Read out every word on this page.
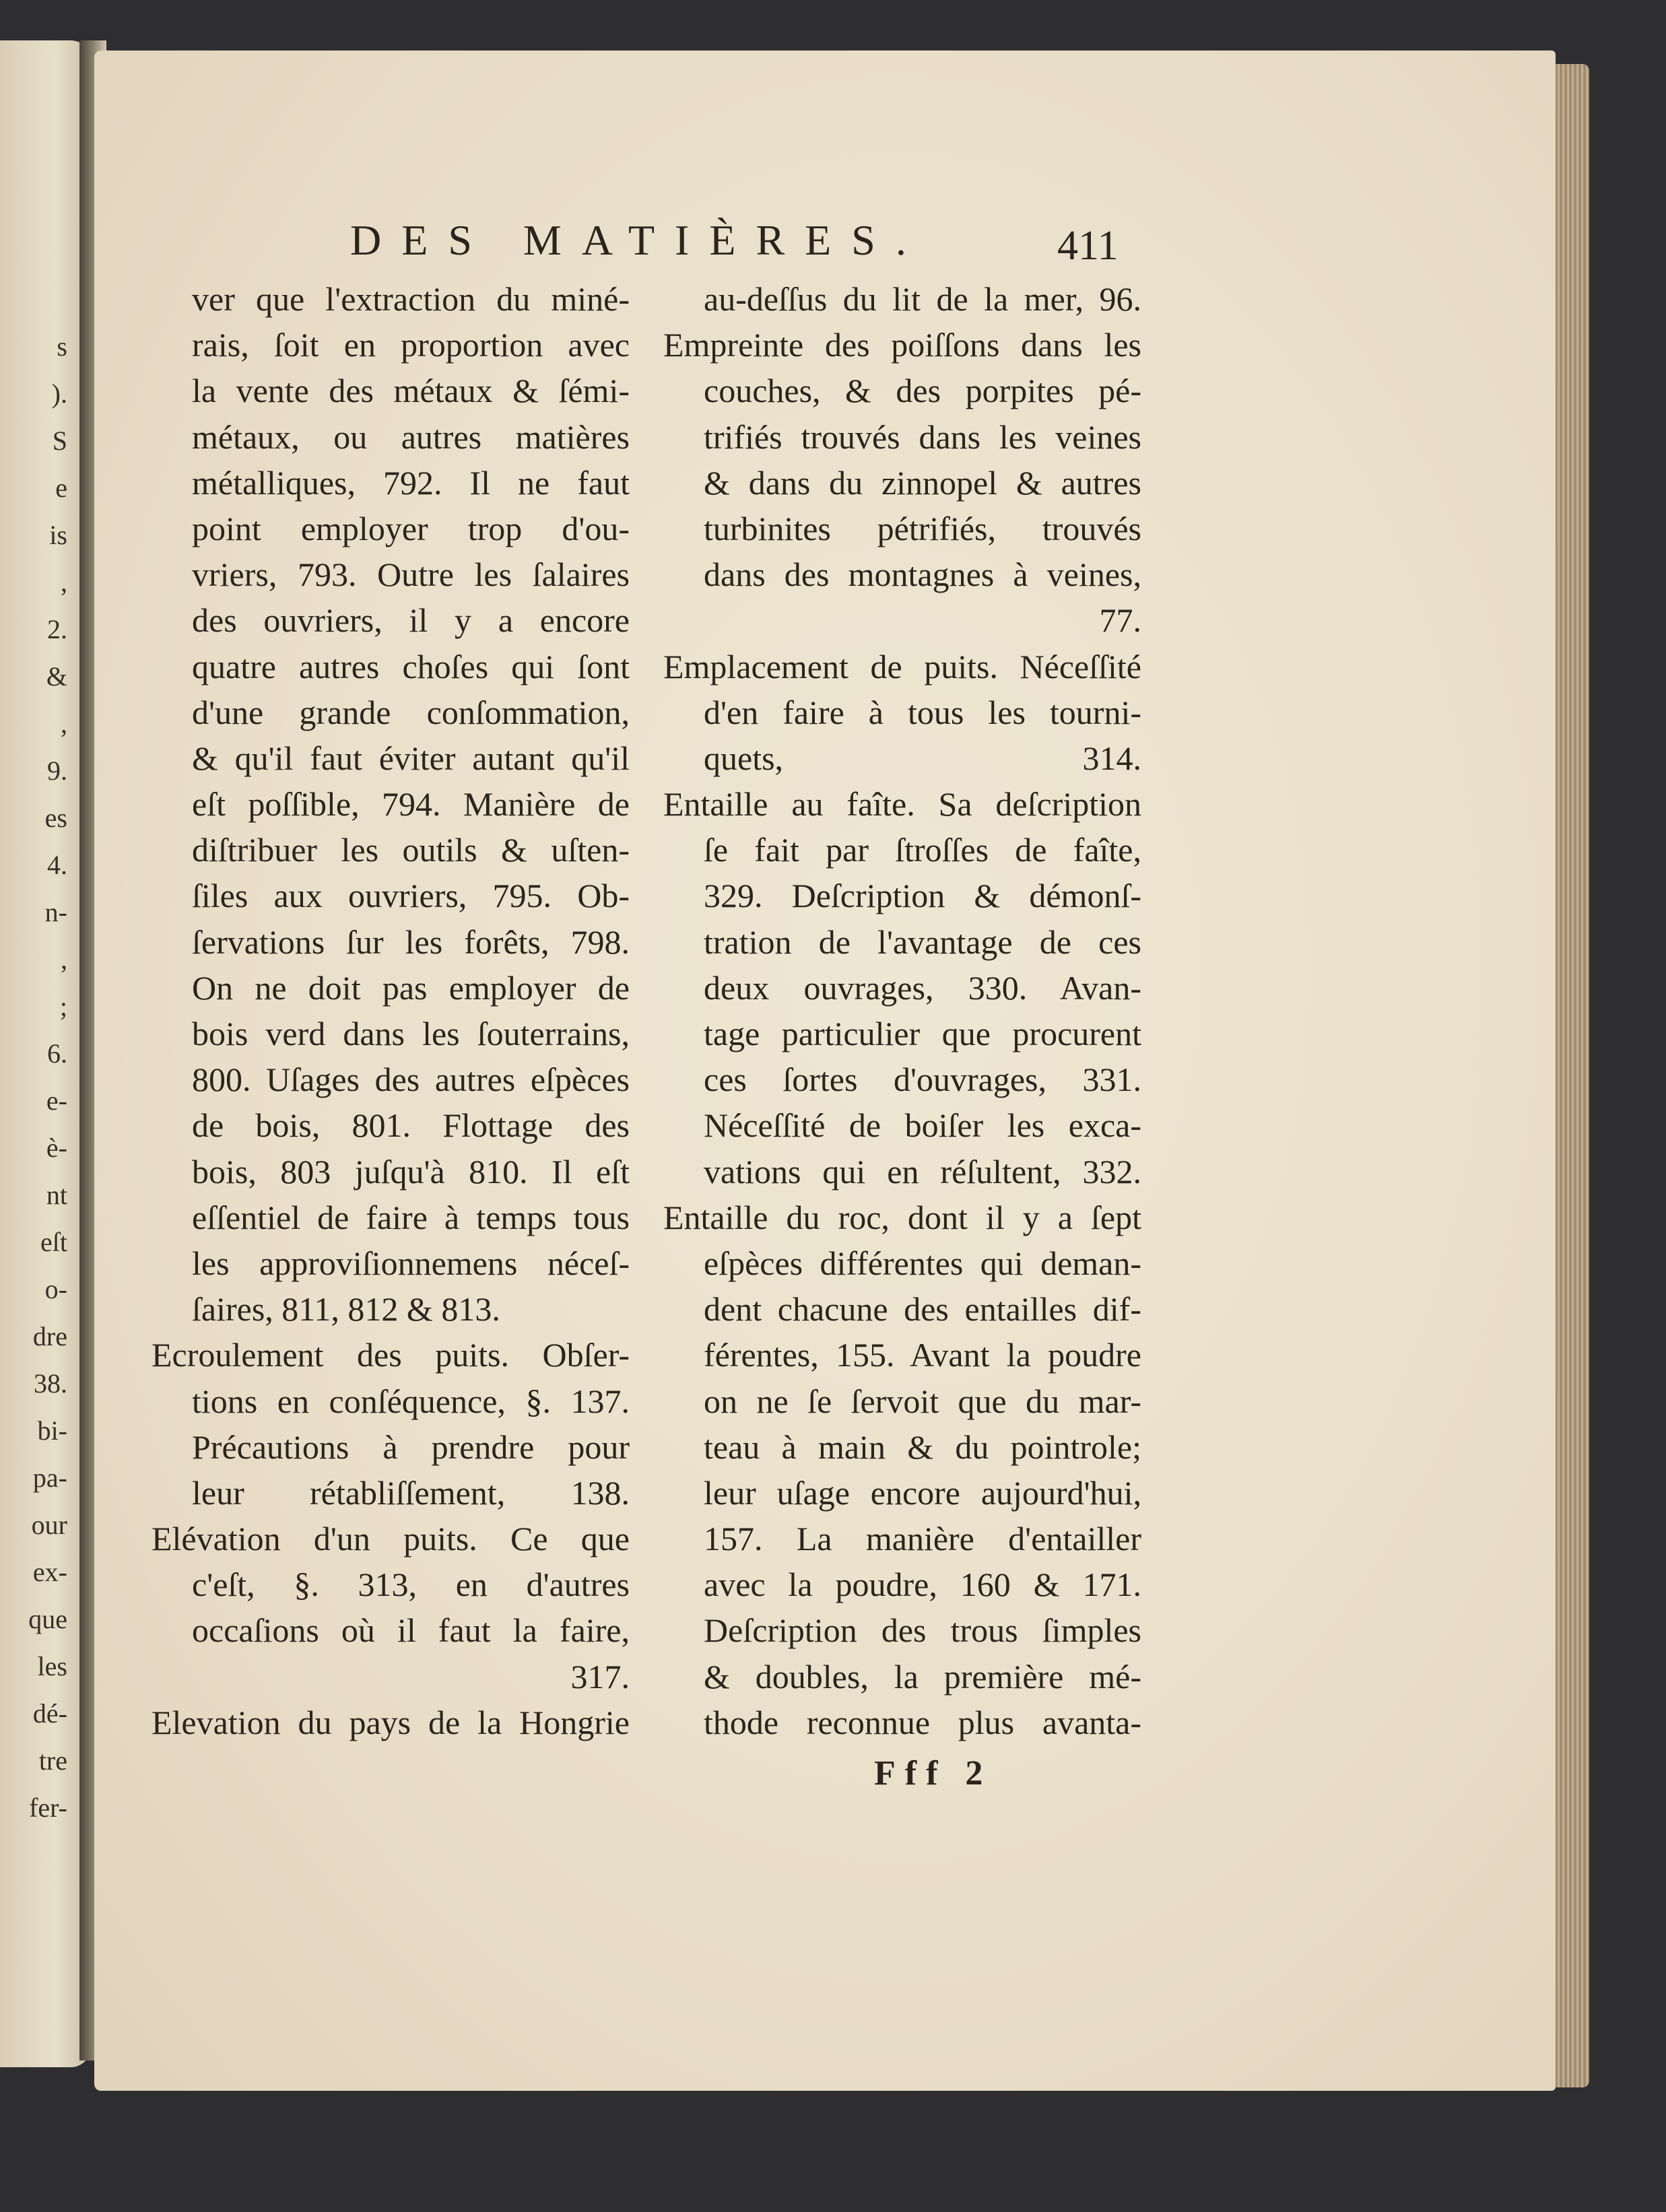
s
).
S
e
is
,
2.
&
,
9.
es
4.
n-
,
;
6.
e-
è-
nt
eſt
o-
dre
38.
bi-
pa-
our
ex-
que
les
dé-
tre
fer-
DES MATIÈRES.	411
ver que l'extraction du miné-
rais, ſoit en proportion avec
la vente des métaux & ſémi-
métaux, ou autres matières
métalliques, 792. Il ne faut
point employer trop d'ou-
vriers, 793. Outre les ſalaires
des ouvriers, il y a encore
quatre autres choſes qui ſont
d'une grande conſommation,
& qu'il faut éviter autant qu'il
eſt poſſible, 794. Manière de
diſtribuer les outils & uſten-
ſiles aux ouvriers, 795. Ob-
ſervations ſur les forêts, 798.
On ne doit pas employer de
bois verd dans les ſouterrains,
800. Uſages des autres eſpèces
de bois, 801. Flottage des
bois, 803 juſqu'à 810. Il eſt
eſſentiel de faire à temps tous
les approviſionnemens néceſ-
ſaires, 811, 812 & 813.
Ecroulement des puits. Obſer-
tions en conſéquence, §. 137.
Précautions à prendre pour
leur rétabliſſement, 138.
Elévation d'un puits. Ce que
c'eſt, §. 313, en d'autres
occaſions où il faut la faire,
317.
Elevation du pays de la Hongrie
au-deſſus du lit de la mer, 96.
Empreinte des poiſſons dans les
couches, & des porpites pé-
trifiés trouvés dans les veines
& dans du zinnopel & autres
turbinites pétrifiés, trouvés
dans des montagnes à veines,
77.
Emplacement de puits. Néceſſité
d'en faire à tous les tourni-
quets, 314.
Entaille au faîte. Sa deſcription
ſe fait par ſtroſſes de faîte,
329. Deſcription & démonſ-
tration de l'avantage de ces
deux ouvrages, 330. Avan-
tage particulier que procurent
ces ſortes d'ouvrages, 331.
Néceſſité de boiſer les exca-
vations qui en réſultent, 332.
Entaille du roc, dont il y a ſept
eſpèces différentes qui deman-
dent chacune des entailles dif-
férentes, 155. Avant la poudre
on ne ſe ſervoit que du mar-
teau à main & du pointrole;
leur uſage encore aujourd'hui,
157. La manière d'entailler
avec la poudre, 160 & 171.
Deſcription des trous ſimples
& doubles, la première mé-
thode reconnue plus avanta-
Fff 2
